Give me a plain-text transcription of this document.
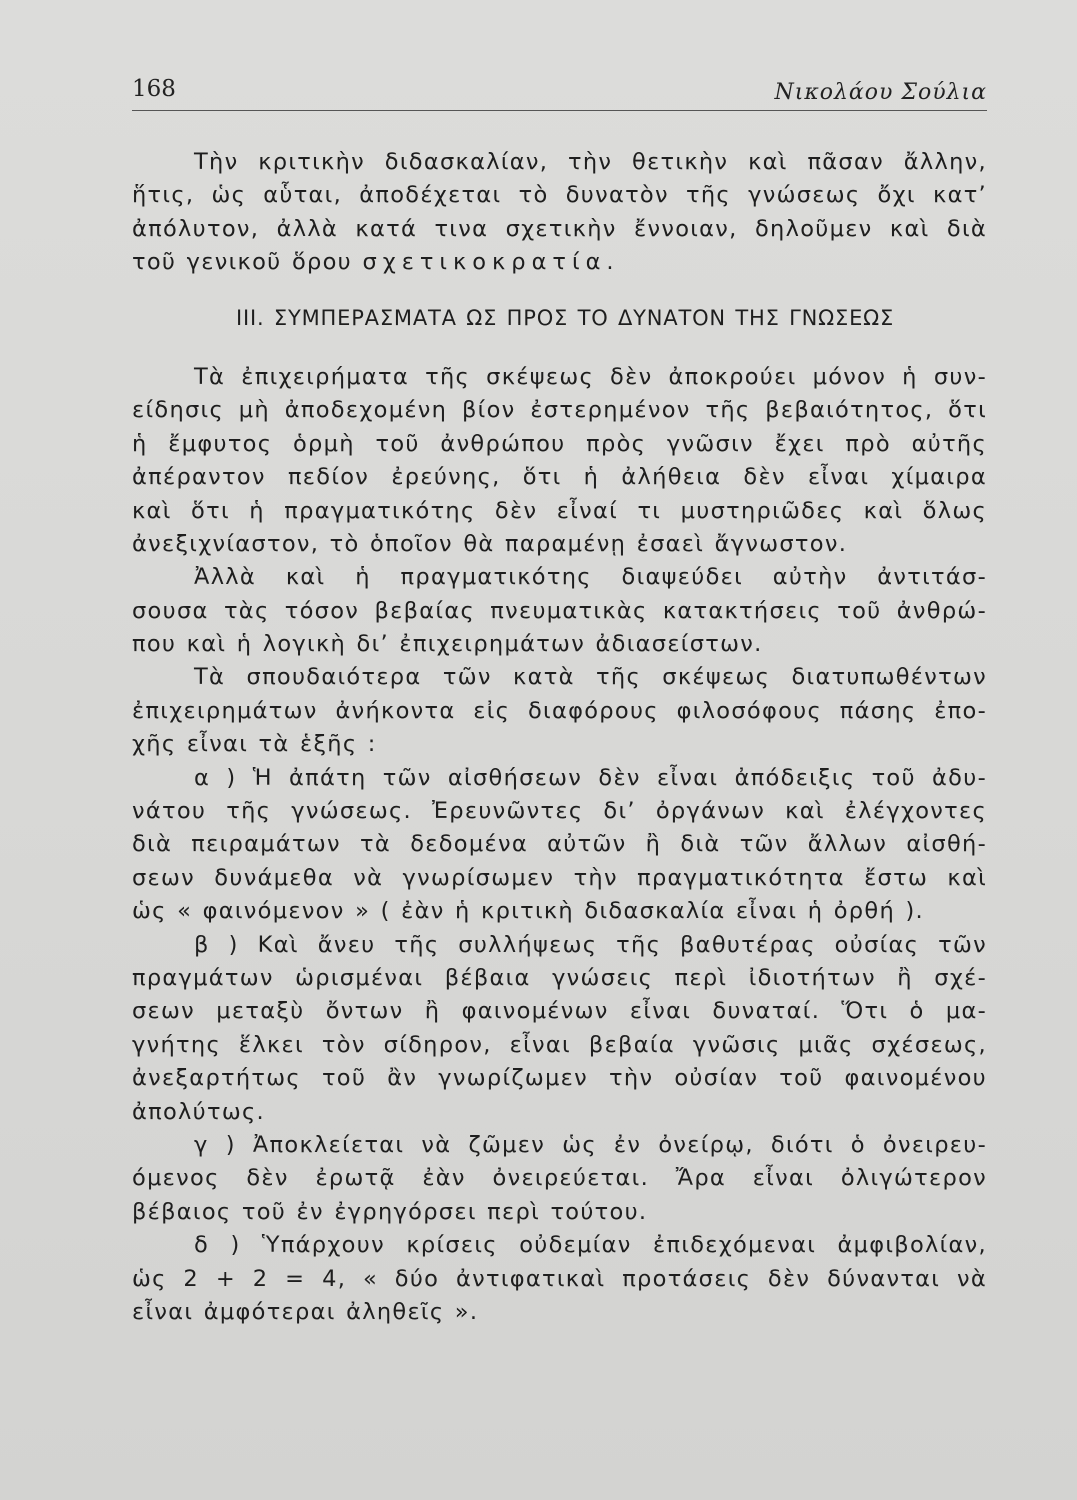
168	Νικολάου Σούλια
Τὴν κριτικὴν διδασκαλίαν, τὴν θετικὴν καὶ πᾶσαν ἄλλην,
ἥτις, ὡς αὗται, ἀποδέχεται τὸ δυνατὸν τῆς γνώσεως ὄχι κατ’
ἀπόλυτον, ἀλλὰ κατά τινα σχετικὴν ἔννοιαν, δηλοῦμεν καὶ διὰ
τοῦ γενικοῦ ὅρου σχετικοκρατία.
III. ΣΥΜΠΕΡΑΣΜΑΤΑ ΩΣ ΠΡΟΣ ΤΟ ΔΥΝΑΤΟΝ ΤΗΣ ΓΝΩΣΕΩΣ
Τὰ ἐπιχειρήματα τῆς σκέψεως δὲν ἀποκρούει μόνον ἡ συν-
είδησις μὴ ἀποδεχομένη βίον ἐστερημένον τῆς βεβαιότητος, ὅτι
ἡ ἔμφυτος ὁρμὴ τοῦ ἀνθρώπου πρὸς γνῶσιν ἔχει πρὸ αὐτῆς
ἀπέραντον πεδίον ἐρεύνης, ὅτι ἡ ἀλήθεια δὲν εἶναι χίμαιρα
καὶ ὅτι ἡ πραγματικότης δὲν εἶναί τι μυστηριῶδες καὶ ὅλως
ἀνεξιχνίαστον, τὸ ὁποῖον θὰ παραμένῃ ἐσαεὶ ἄγνωστον.
Ἀλλὰ καὶ ἡ πραγματικότης διαψεύδει αὐτὴν ἀντιτάσ-
σουσα τὰς τόσον βεβαίας πνευματικὰς κατακτήσεις τοῦ ἀνθρώ-
που καὶ ἡ λογικὴ δι’ ἐπιχειρημάτων ἀδιασείστων.
Τὰ σπουδαιότερα τῶν κατὰ τῆς σκέψεως διατυπωθέντων
ἐπιχειρημάτων ἀνήκοντα εἰς διαφόρους φιλοσόφους πάσης ἐπο-
χῆς εἶναι τὰ ἑξῆς :
α ) Ἡ ἀπάτη τῶν αἰσθήσεων δὲν εἶναι ἀπόδειξις τοῦ ἀδυ-
νάτου τῆς γνώσεως. Ἐρευνῶντες δι’ ὀργάνων καὶ ἐλέγχοντες
διὰ πειραμάτων τὰ δεδομένα αὐτῶν ἢ διὰ τῶν ἄλλων αἰσθή-
σεων δυνάμεθα νὰ γνωρίσωμεν τὴν πραγματικότητα ἔστω καὶ
ὡς « φαινόμενον » ( ἐὰν ἡ κριτικὴ διδασκαλία εἶναι ἡ ὀρθή ).
β ) Καὶ ἄνευ τῆς συλλήψεως τῆς βαθυτέρας οὐσίας τῶν
πραγμάτων ὡρισμέναι βέβαια γνώσεις περὶ ἰδιοτήτων ἢ σχέ-
σεων μεταξὺ ὄντων ἢ φαινομένων εἶναι δυναταί. Ὅτι ὁ μα-
γνήτης ἕλκει τὸν σίδηρον, εἶναι βεβαία γνῶσις μιᾶς σχέσεως,
ἀνεξαρτήτως τοῦ ἂν γνωρίζωμεν τὴν οὐσίαν τοῦ φαινομένου
ἀπολύτως.
γ ) Ἀποκλείεται νὰ ζῶμεν ὡς ἐν ὀνείρῳ, διότι ὁ ὀνειρευ-
όμενος δὲν ἐρωτᾷ ἐὰν ὀνειρεύεται. Ἄρα εἶναι ὀλιγώτερον
βέβαιος τοῦ ἐν ἐγρηγόρσει περὶ τούτου.
δ ) Ὑπάρχουν κρίσεις οὐδεμίαν ἐπιδεχόμεναι ἀμφιβολίαν,
ὡς 2 + 2 = 4, « δύο ἀντιφατικαὶ προτάσεις δὲν δύνανται νὰ
εἶναι ἀμφότεραι ἀληθεῖς ».
